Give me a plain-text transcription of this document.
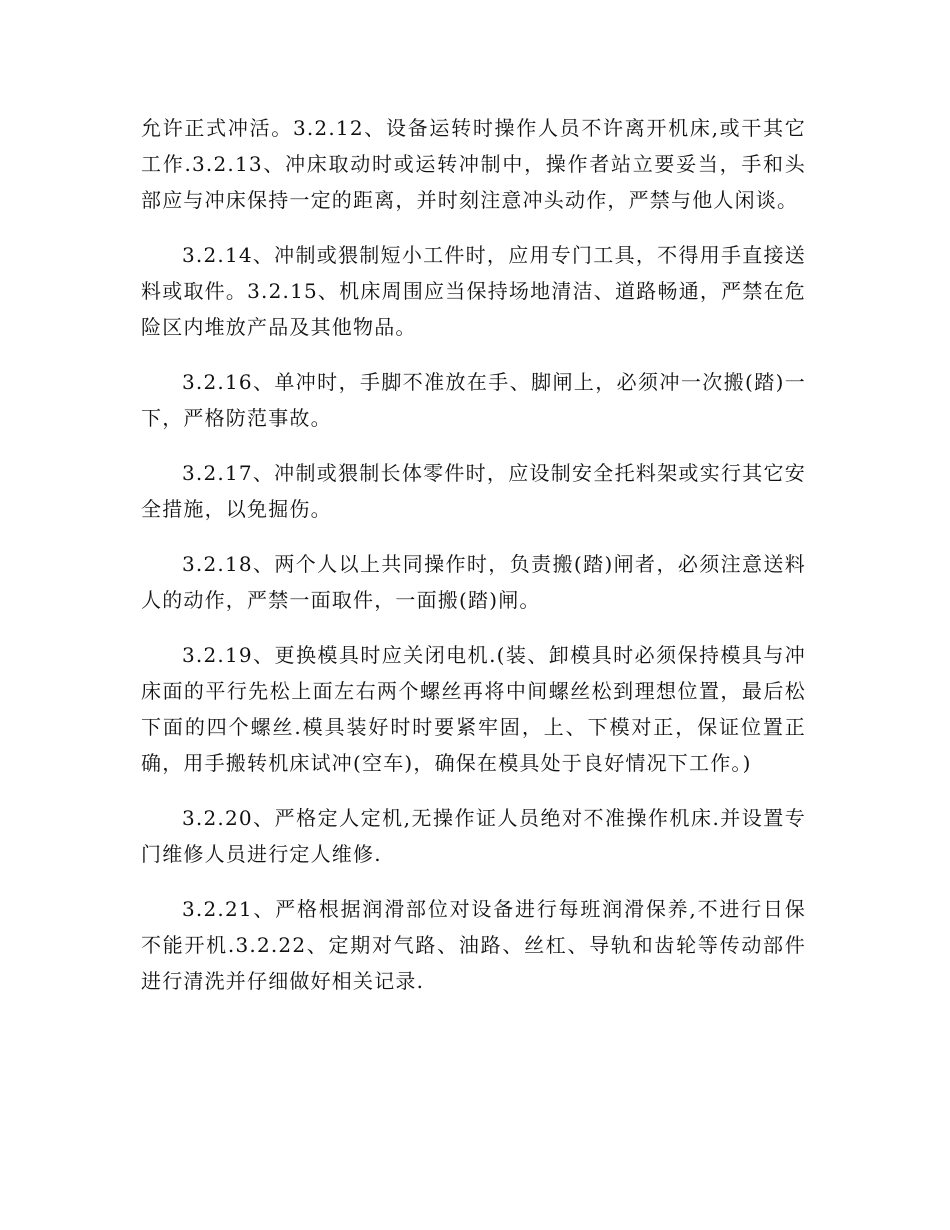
允许正式冲活。3.2.12、设备运转时操作人员不许离开机床,或干其它工作.3.2.13、冲床取动时或运转冲制中，操作者站立要妥当，手和头部应与冲床保持一定的距离，并时刻注意冲头动作，严禁与他人闲谈。

3.2.14、冲制或猥制短小工件时，应用专门工具，不得用手直接送料或取件。3.2.15、机床周围应当保持场地清洁、道路畅通，严禁在危险区内堆放产品及其他物品。

3.2.16、单冲时，手脚不准放在手、脚闸上，必须冲一次搬(踏)一下，严格防范事故。

3.2.17、冲制或猥制长体零件时，应设制安全托料架或实行其它安全措施，以免掘伤。

3.2.18、两个人以上共同操作时，负责搬(踏)闸者，必须注意送料人的动作，严禁一面取件，一面搬(踏)闸。

3.2.19、更换模具时应关闭电机.(装、卸模具时必须保持模具与冲床面的平行先松上面左右两个螺丝再将中间螺丝松到理想位置，最后松下面的四个螺丝.模具装好时时要紧牢固，上、下模对正，保证位置正确，用手搬转机床试冲(空车)，确保在模具处于良好情况下工作。)

3.2.20、严格定人定机,无操作证人员绝对不准操作机床.并设置专门维修人员进行定人维修.

3.2.21、严格根据润滑部位对设备进行每班润滑保养,不进行日保不能开机.3.2.22、定期对气路、油路、丝杠、导轨和齿轮等传动部件进行清洗并仔细做好相关记录.
